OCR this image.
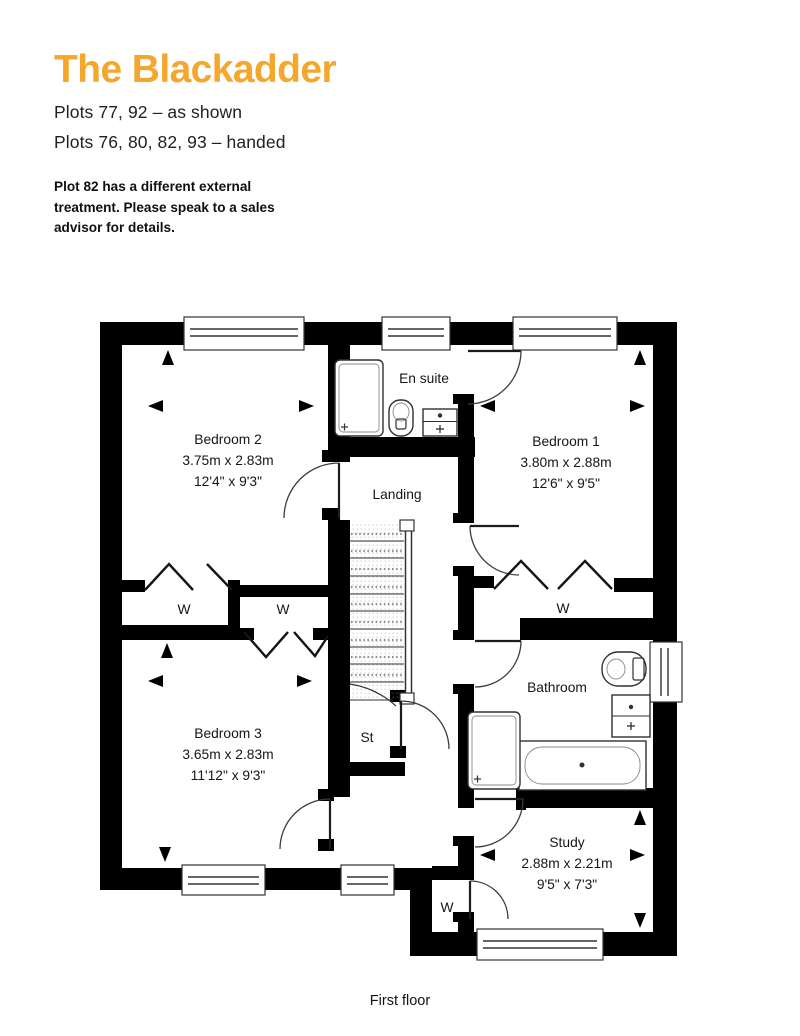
The Blackadder
Plots 77, 92 – as shown
Plots 76, 80, 82, 93 – handed
Plot 82 has a different external
treatment. Please speak to a sales
advisor for details.
Bedroom 2
3.75m x 2.83m
12'4" x 9'3"
Bedroom 1
3.80m x 2.88m
12'6" x 9'5"
Bedroom 3
3.65m x 2.83m
11'12" x 9'3"
Study
2.88m x 2.21m
9'5" x 7'3"
En suite
Landing
Bathroom
St
W	W	W
W
First floor
